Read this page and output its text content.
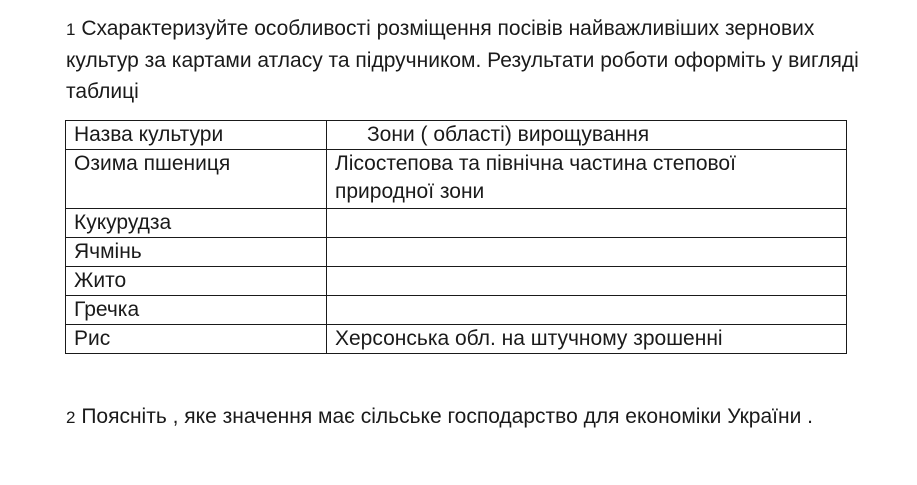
1 Схарактеризуйте особливості розміщення посівів найважливіших зернових культур за картами атласу та підручником. Результати роботи оформіть у вигляді таблиці
Назва культури	Зони ( області) вирощування
Озима пшениця	Лісостепова та північна частина степової природної зони
Кукурудза	
Ячмінь	
Жито	
Гречка	
Рис	Херсонська обл. на штучному зрошенні
2 Поясніть , яке значення має сільське господарство для економіки України .
